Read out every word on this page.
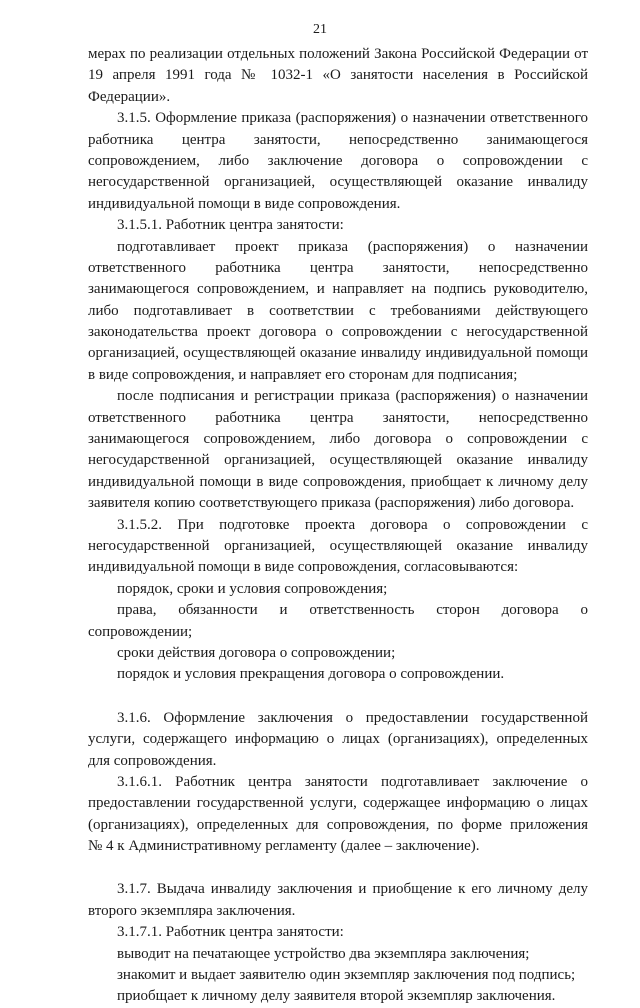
21
мерах по реализации отдельных положений Закона Российской Федерации от
19 апреля 1991 года № 1032-1 «О занятости населения в Российской
Федерации».
3.1.5. Оформление приказа (распоряжения) о назначении ответственного
работника центра занятости, непосредственно занимающегося
сопровождением, либо заключение договора о сопровождении с
негосударственной организацией, осуществляющей оказание инвалиду
индивидуальной помощи в виде сопровождения.
3.1.5.1. Работник центра занятости:
подготавливает проект приказа (распоряжения) о назначении
ответственного работника центра занятости, непосредственно
занимающегося сопровождением, и направляет на подпись руководителю,
либо подготавливает в соответствии с требованиями действующего
законодательства проект договора о сопровождении с негосударственной
организацией, осуществляющей оказание инвалиду индивидуальной помощи
в виде сопровождения, и направляет его сторонам для подписания;
после подписания и регистрации приказа (распоряжения) о назначении
ответственного работника центра занятости, непосредственно
занимающегося сопровождением, либо договора о сопровождении с
негосударственной организацией, осуществляющей оказание инвалиду
индивидуальной помощи в виде сопровождения, приобщает к личному делу
заявителя копию соответствующего приказа (распоряжения) либо договора.
3.1.5.2. При подготовке проекта договора о сопровождении с
негосударственной организацией, осуществляющей оказание инвалиду
индивидуальной помощи в виде сопровождения, согласовываются:
порядок, сроки и условия сопровождения;
права, обязанности и ответственность сторон договора о
сопровождении;
сроки действия договора о сопровождении;
порядок и условия прекращения договора о сопровождении.
3.1.6. Оформление заключения о предоставлении государственной
услуги, содержащего информацию о лицах (организациях), определенных
для сопровождения.
3.1.6.1. Работник центра занятости подготавливает заключение о
предоставлении государственной услуги, содержащее информацию о лицах
(организациях), определенных для сопровождения, по форме приложения
№ 4 к Административному регламенту (далее – заключение).
3.1.7. Выдача инвалиду заключения и приобщение к его личному делу
второго экземпляра заключения.
3.1.7.1. Работник центра занятости:
выводит на печатающее устройство два экземпляра заключения;
знакомит и выдает заявителю один экземпляр заключения под подпись;
приобщает к личному делу заявителя второй экземпляр заключения.
